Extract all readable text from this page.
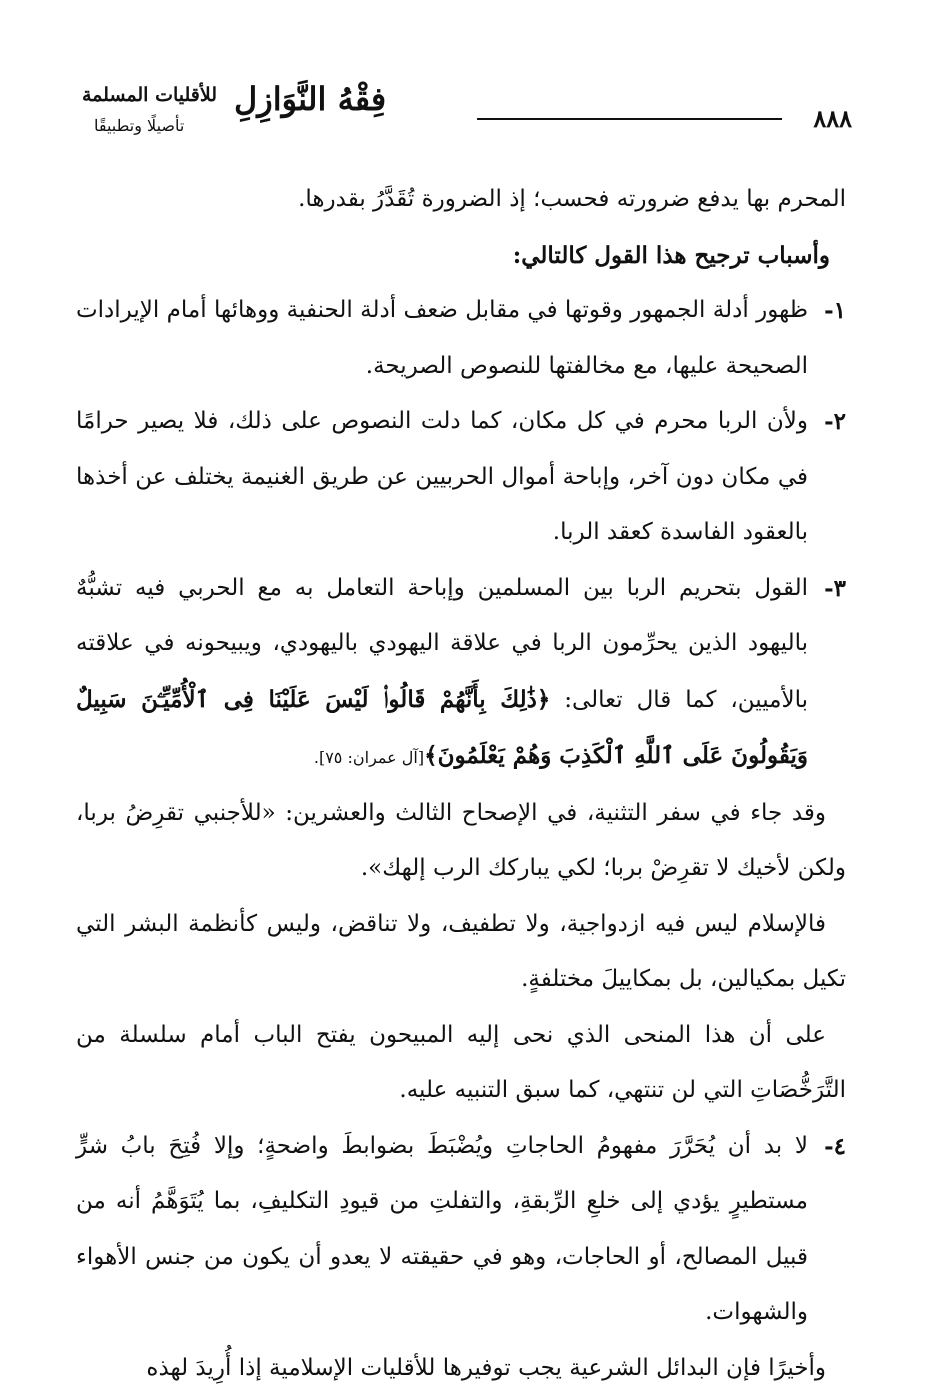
٨٨٨
فِقْهُ النَّوَازِلِ
للأقليات المسلمة
تأصيلًا وتطبيقًا

المحرم بها يدفع ضرورته فحسب؛ إذ الضرورة تُقَدَّرُ بقدرها.

وأسباب ترجيح هذا القول كالتالي:

١-
ظهور أدلة الجمهور وقوتها في مقابل ضعف أدلة الحنفية ووهائها أمام الإيرادات الصحيحة عليها، مع مخالفتها للنصوص الصريحة.
٢-
ولأن الربا محرم في كل مكان، كما دلت النصوص على ذلك، فلا يصير حرامًا في مكان دون آخر، وإباحة أموال الحربيين عن طريق الغنيمة يختلف عن أخذها بالعقود الفاسدة كعقد الربا.
٣-
القول بتحريم الربا بين المسلمين وإباحة التعامل به مع الحربي فيه تشبُّهٌ باليهود الذين يحرِّمون الربا في علاقة اليهودي باليهودي، ويبيحونه في علاقته بالأميين، كما قال تعالى: ﴿ذَٰلِكَ بِأَنَّهُمْ قَالُوا۟ لَيْسَ عَلَيْنَا فِى ٱلْأُمِّيِّـۧنَ سَبِيلٌ وَيَقُولُونَ عَلَى ٱللَّهِ ٱلْكَذِبَ وَهُمْ يَعْلَمُونَ﴾[آل عمران: ٧٥].

وقد جاء في سفر التثنية، في الإصحاح الثالث والعشرين: «للأجنبي تقرِضُ بربا، ولكن لأخيك لا تقرِضْ بربا؛ لكي يباركك الرب إلهك».

فالإسلام ليس فيه ازدواجية، ولا تطفيف، ولا تناقض، وليس كأنظمة البشر التي تكيل بمكيالين، بل بمكاييلَ مختلفةٍ.

على أن هذا المنحى الذي نحى إليه المبيحون يفتح الباب أمام سلسلة من التَّرَخُّصَاتِ التي لن تنتهي، كما سبق التنبيه عليه.

٤-
لا بد أن يُحَرَّرَ مفهومُ الحاجاتِ ويُضْبَطَ بضوابطَ واضحةٍ؛ وإلا فُتِحَ بابُ شرٍّ مستطيرٍ يؤدي إلى خلعِ الرِّبقةِ، والتفلتِ من قيودِ التكليفِ، بما يُتَوَهَّمُ أنه من قبيل المصالح، أو الحاجات، وهو في حقيقته لا يعدو أن يكون من جنس الأهواء والشهوات.

وأخيرًا فإن البدائل الشرعية يجب توفيرها للأقليات الإسلامية إذا أُرِيدَ لهذه
